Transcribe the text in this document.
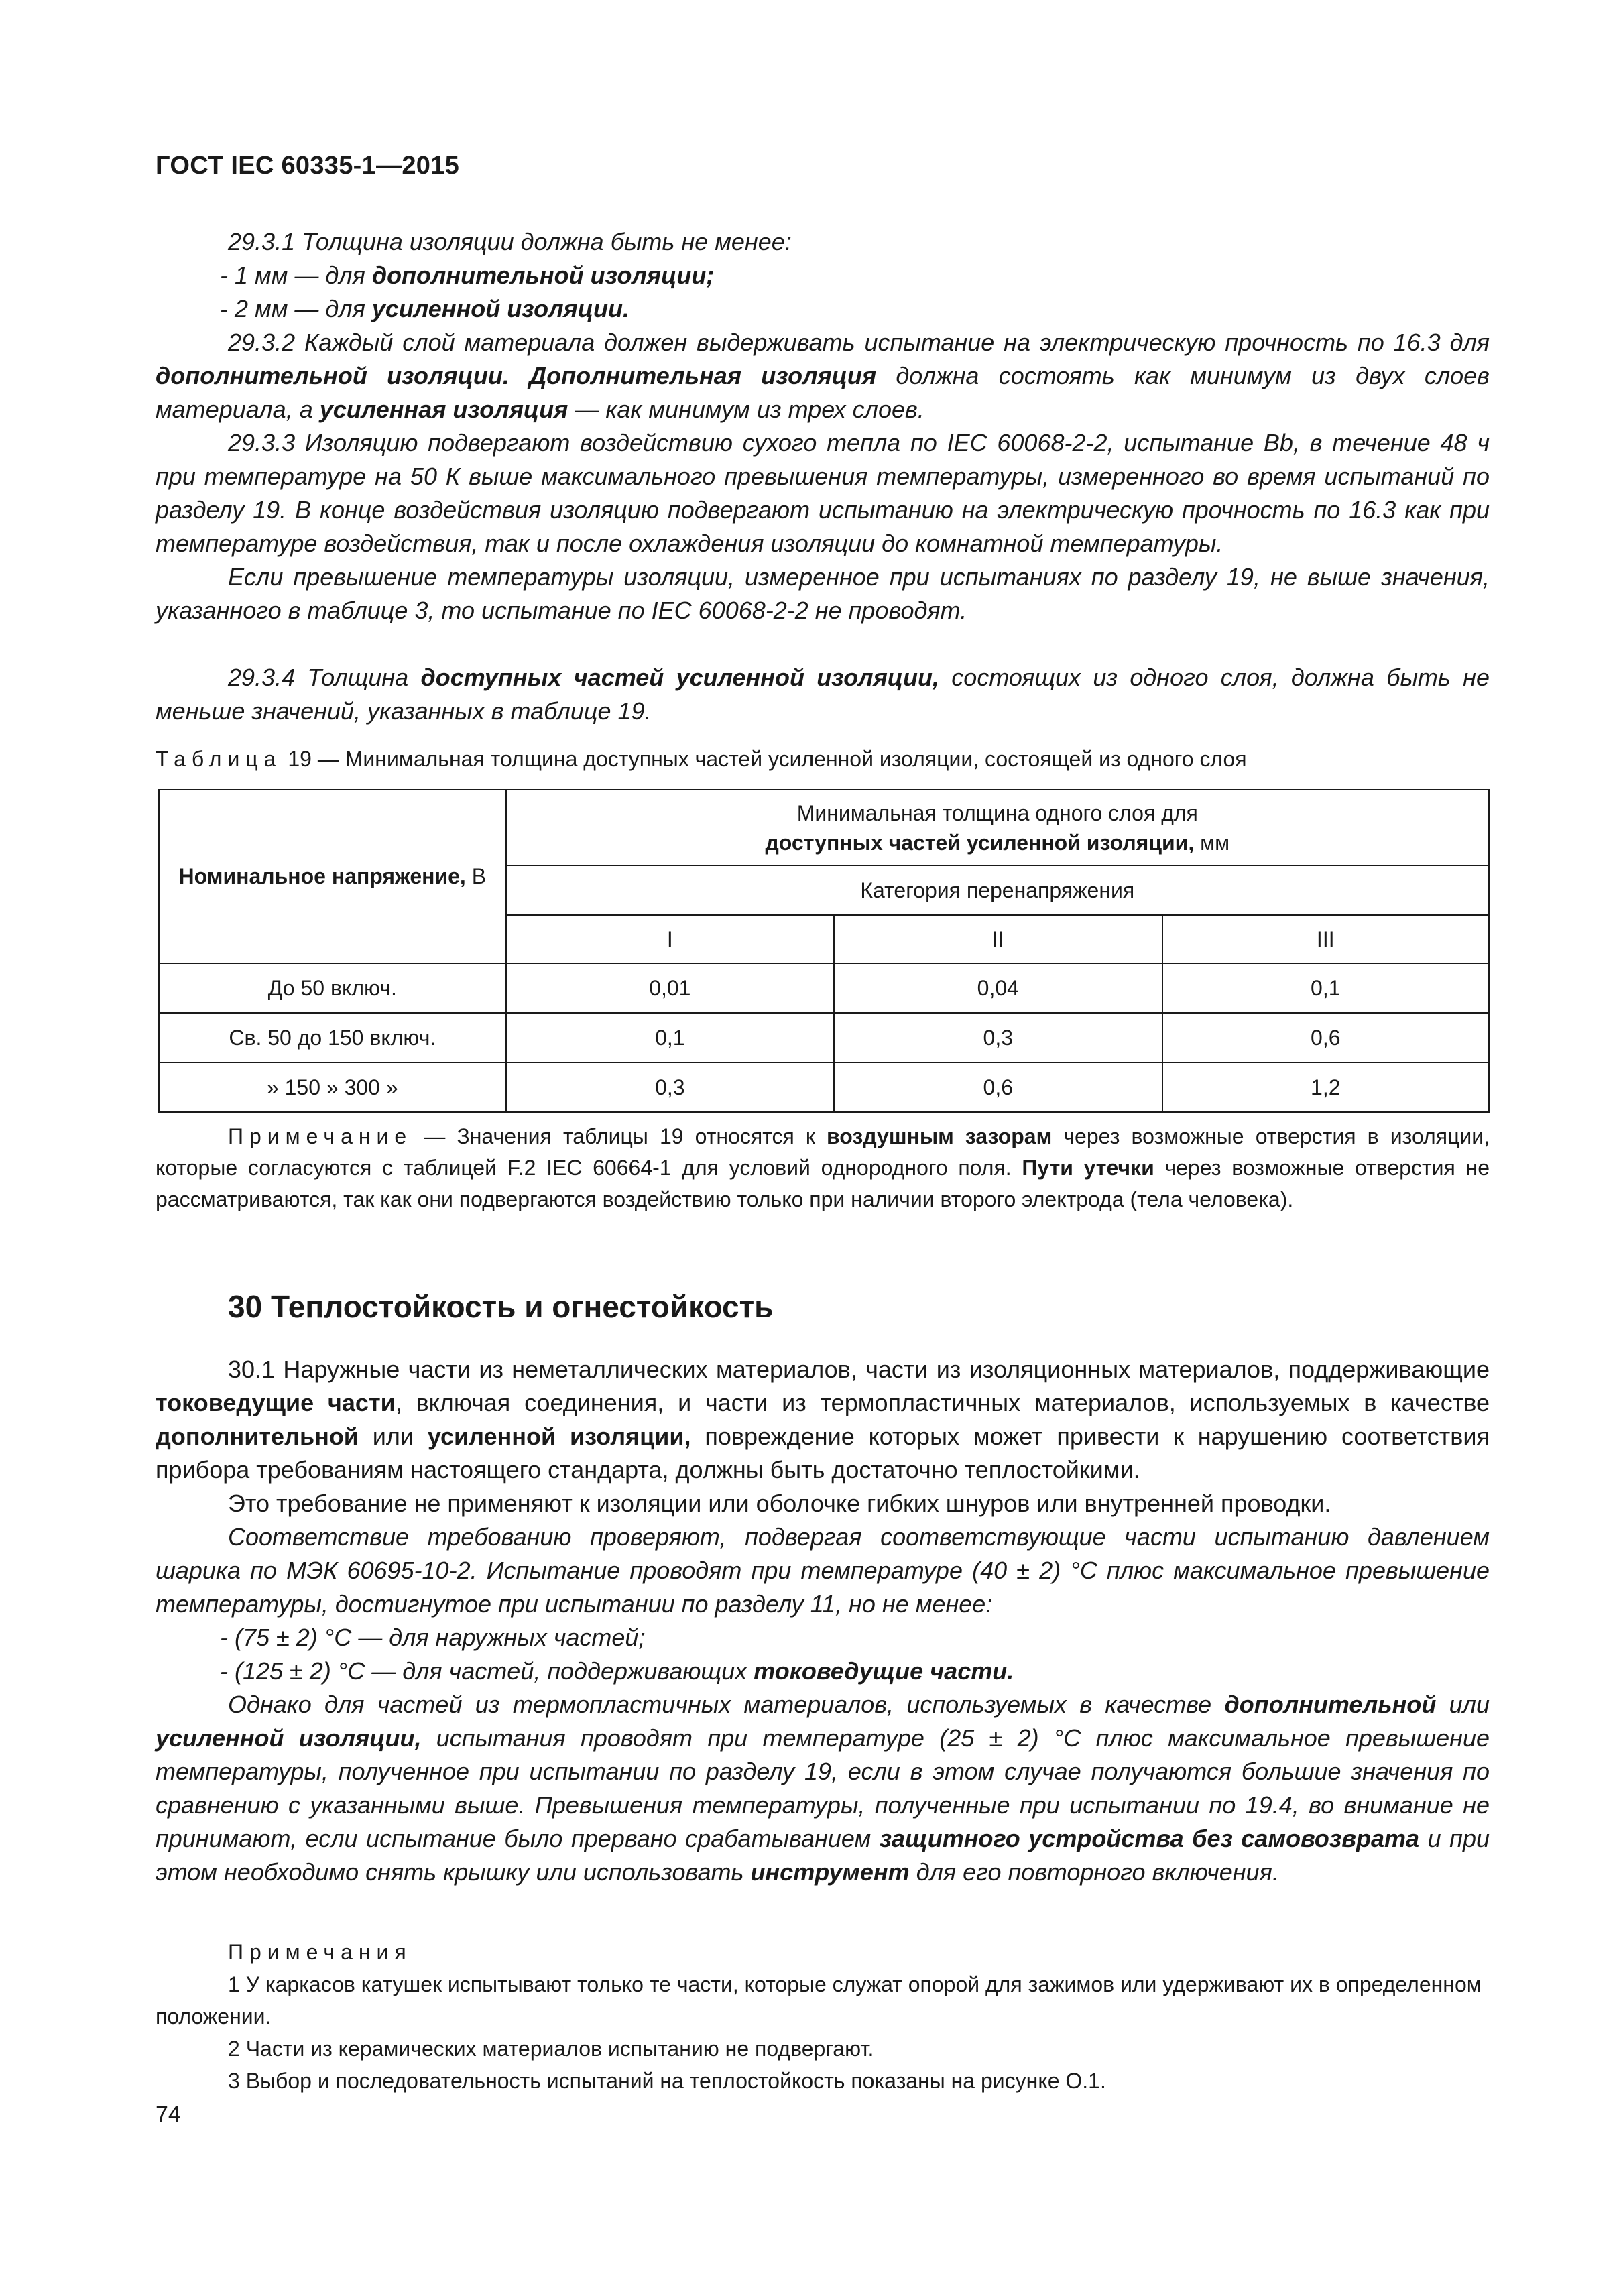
ГОСТ IEC 60335-1—2015

29.3.1 Толщина изоляции должна быть не менее:

- 1 мм — для дополнительной изоляции;

- 2 мм — для усиленной изоляции.

29.3.2 Каждый слой материала должен выдерживать испытание на электрическую прочность по 16.3 для дополнительной изоляции. Дополнительная изоляция должна состоять как минимум из двух слоев материала, а усиленная изоляция — как минимум из трех слоев.

29.3.3 Изоляцию подвергают воздействию сухого тепла по IEC 60068-2-2, испытание Bb, в течение 48 ч при температуре на 50 К выше максимального превышения температуры, измеренного во время испытаний по разделу 19. В конце воздействия изоляцию подвергают испытанию на электрическую прочность по 16.3 как при температуре воздействия, так и после охлаждения изоляции до комнатной температуры.

Если превышение температуры изоляции, измеренное при испытаниях по разделу 19, не выше значения, указанного в таблице 3, то испытание по IEC 60068-2-2 не проводят.

29.3.4 Толщина доступных частей усиленной изоляции, состоящих из одного слоя, должна быть не меньше значений, указанных в таблице 19.

Таблица 19 — Минимальная толщина доступных частей усиленной изоляции, состоящей из одного слоя
Номинальное напряжение, В	Минимальная толщина одного слоя для
доступных частей усиленной изоляции, мм		

	Категория перенапряжения		
	I	II	III
До 50 включ.	0,01	0,04	0,1
Св. 50 до 150 включ.	0,1	0,3	0,6
» 150 » 300 »	0,3	0,6	1,2
Примечание — Значения таблицы 19 относятся к воздушным зазорам через возможные отверстия в изоляции, которые согласуются с таблицей F.2 IEC 60664-1 для условий однородного поля. Пути утечки через возможные отверстия не рассматриваются, так как они подвергаются воздействию только при наличии второго электрода (тела человека).
30 Теплостойкость и огнестойкость

30.1 Наружные части из неметаллических материалов, части из изоляционных материалов, поддерживающие токоведущие части, включая соединения, и части из термопластичных материалов, используемых в качестве дополнительной или усиленной изоляции, повреждение которых может привести к нарушению соответствия прибора требованиям настоящего стандарта, должны быть достаточно теплостойкими.

Это требование не применяют к изоляции или оболочке гибких шнуров или внутренней проводки.

Соответствие требованию проверяют, подвергая соответствующие части испытанию давлением шарика по МЭК 60695-10-2. Испытание проводят при температуре (40 ± 2) °С плюс максимальное превышение температуры, достигнутое при испытании по разделу 11, но не менее:

- (75 ± 2) °С — для наружных частей;

- (125 ± 2) °С — для частей, поддерживающих токоведущие части.

Однако для частей из термопластичных материалов, используемых в качестве дополнительной или усиленной изоляции, испытания проводят при температуре (25 ± 2) °С плюс максимальное превышение температуры, полученное при испытании по разделу 19, если в этом случае получаются большие значения по сравнению с указанными выше. Превышения температуры, полученные при испытании по 19.4, во внимание не принимают, если испытание было прервано срабатыванием защитного устройства без самовозврата и при этом необходимо снять крышку или использовать инструмент для его повторного включения.

Примечания

1 У каркасов катушек испытывают только те части, которые служат опорой для зажимов или удерживают их в определенном положении.

2 Части из керамических материалов испытанию не подвергают.

3 Выбор и последовательность испытаний на теплостойкость показаны на рисунке О.1.

74
